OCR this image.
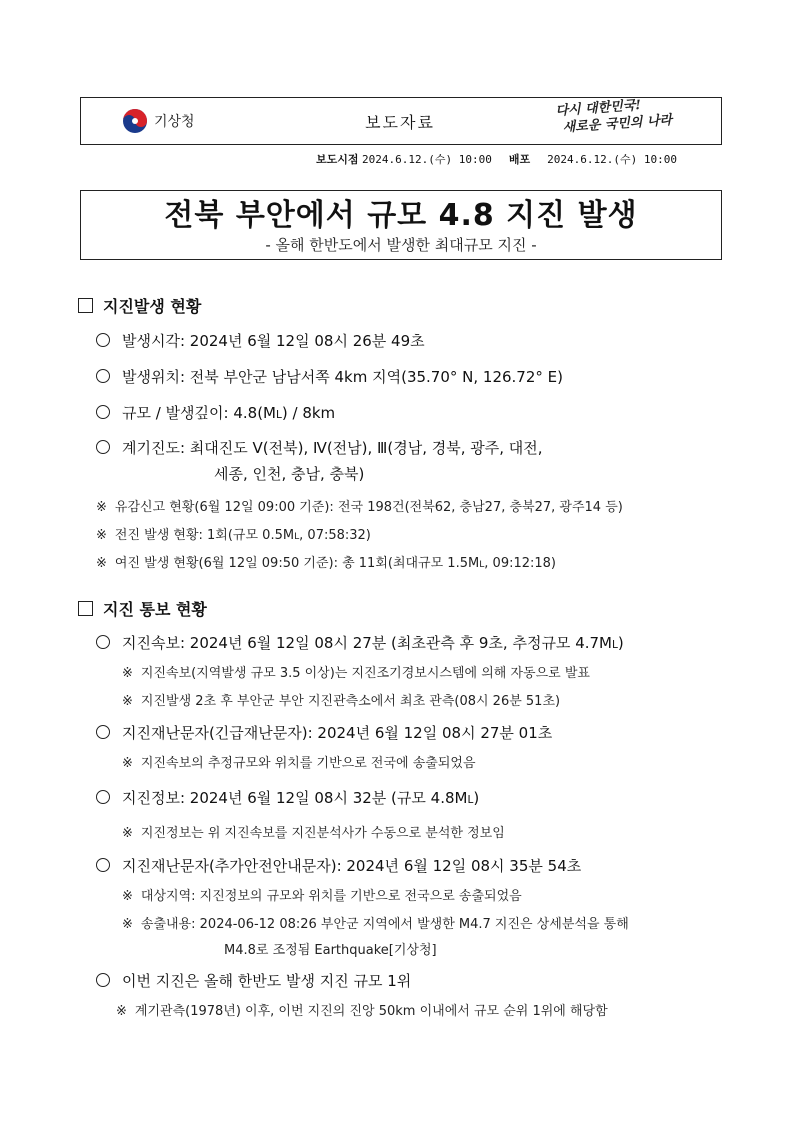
기상청	보도자료
다시 대한민국!
새로운 국민의 나라
보도시점 2024.6.12.(수) 10:00 배포 2024.6.12.(수) 10:00
전북 부안에서 규모 4.8 지진 발생
- 올해 한반도에서 발생한 최대규모 지진 -
지진발생 현황
발생시각: 2024년 6월 12일 08시 26분 49초
발생위치: 전북 부안군 남남서쪽 4km 지역(35.70° N, 126.72° E)
규모 / 발생깊이: 4.8(ML) / 8km
계기진도: 최대진도 Ⅴ(전북), Ⅳ(전남), Ⅲ(경남, 경북, 광주, 대전,
세종, 인천, 충남, 충북)
※ 유감신고 현황(6월 12일 09:00 기준): 전국 198건(전북62, 충남27, 충북27, 광주14 등)
※ 전진 발생 현황: 1회(규모 0.5ML, 07:58:32)
※ 여진 발생 현황(6월 12일 09:50 기준): 총 11회(최대규모 1.5ML, 09:12:18)
지진 통보 현황
지진속보: 2024년 6월 12일 08시 27분 (최초관측 후 9초, 추정규모 4.7ML)
※ 지진속보(지역발생 규모 3.5 이상)는 지진조기경보시스템에 의해 자동으로 발표
※ 지진발생 2초 후 부안군 부안 지진관측소에서 최초 관측(08시 26분 51초)
지진재난문자(긴급재난문자): 2024년 6월 12일 08시 27분 01초
※ 지진속보의 추정규모와 위치를 기반으로 전국에 송출되었음
지진정보: 2024년 6월 12일 08시 32분 (규모 4.8ML)
※ 지진정보는 위 지진속보를 지진분석사가 수동으로 분석한 정보임
지진재난문자(추가안전안내문자): 2024년 6월 12일 08시 35분 54초
※ 대상지역: 지진정보의 규모와 위치를 기반으로 전국으로 송출되었음
※ 송출내용: 2024-06-12 08:26 부안군 지역에서 발생한 M4.7 지진은 상세분석을 통해
M4.8로 조정됨 Earthquake[기상청]
이번 지진은 올해 한반도 발생 지진 규모 1위
※ 계기관측(1978년) 이후, 이번 지진의 진앙 50km 이내에서 규모 순위 1위에 해당함
